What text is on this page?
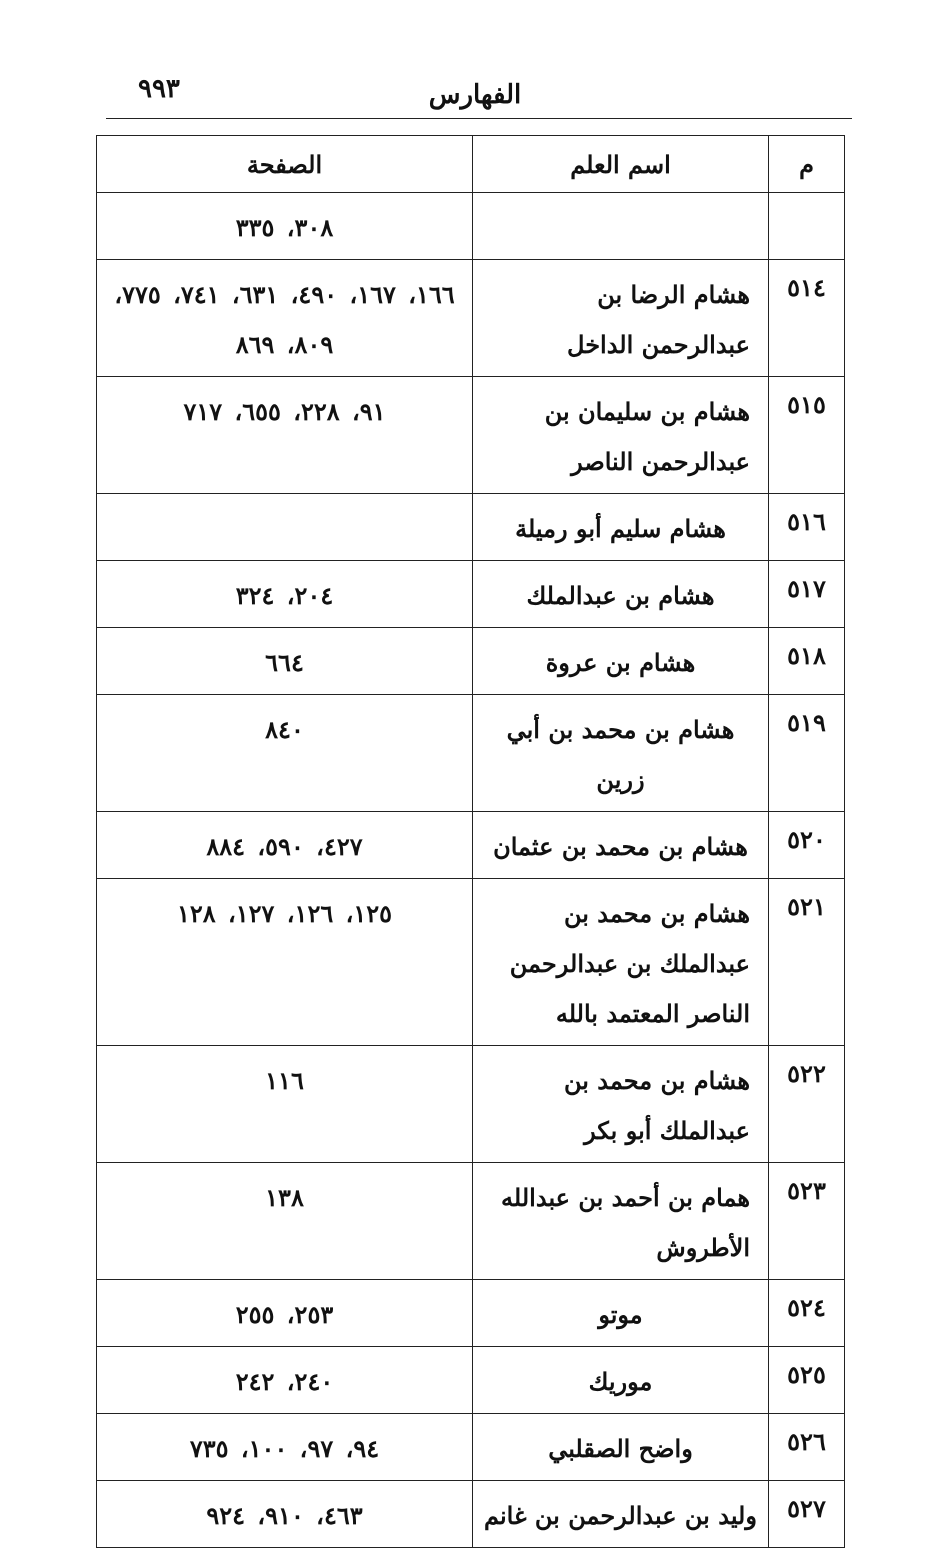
٩٩٣	الفهارس
م	اسم العلم	الصفحة
		٣٠٨، ٣٣٥
٥١٤	هشام الرضا بن عبدالرحمن الداخل	١٦٦، ١٦٧، ٤٩٠، ٦٣١، ٧٤١، ٧٧٥، ٨٠٩، ٨٦٩
٥١٥	هشام بن سليمان بن عبدالرحمن الناصر	٩١، ٢٢٨، ٦٥٥، ٧١٧
٥١٦	هشام سليم أبو رميلة	
٥١٧	هشام بن عبدالملك	٢٠٤، ٣٢٤
٥١٨	هشام بن عروة	٦٦٤
٥١٩	هشام بن محمد بن أبي زرين	٨٤٠
٥٢٠	هشام بن محمد بن عثمان	٤٢٧، ٥٩٠، ٨٨٤
٥٢١	هشام بن محمد بن عبدالملك بن عبدالرحمن الناصر المعتمد بالله	١٢٥، ١٢٦، ١٢٧، ١٢٨
٥٢٢	هشام بن محمد بن عبدالملك أبو بكر	١١٦
٥٢٣	همام بن أحمد بن عبدالله الأطروش	١٣٨
٥٢٤	موتو	٢٥٣، ٢٥٥
٥٢٥	موريك	٢٤٠، ٢٤٢
٥٢٦	واضح الصقلبي	٩٤، ٩٧، ١٠٠، ٧٣٥
٥٢٧	وليد بن عبدالرحمن بن غانم	٤٦٣، ٩١٠، ٩٢٤
